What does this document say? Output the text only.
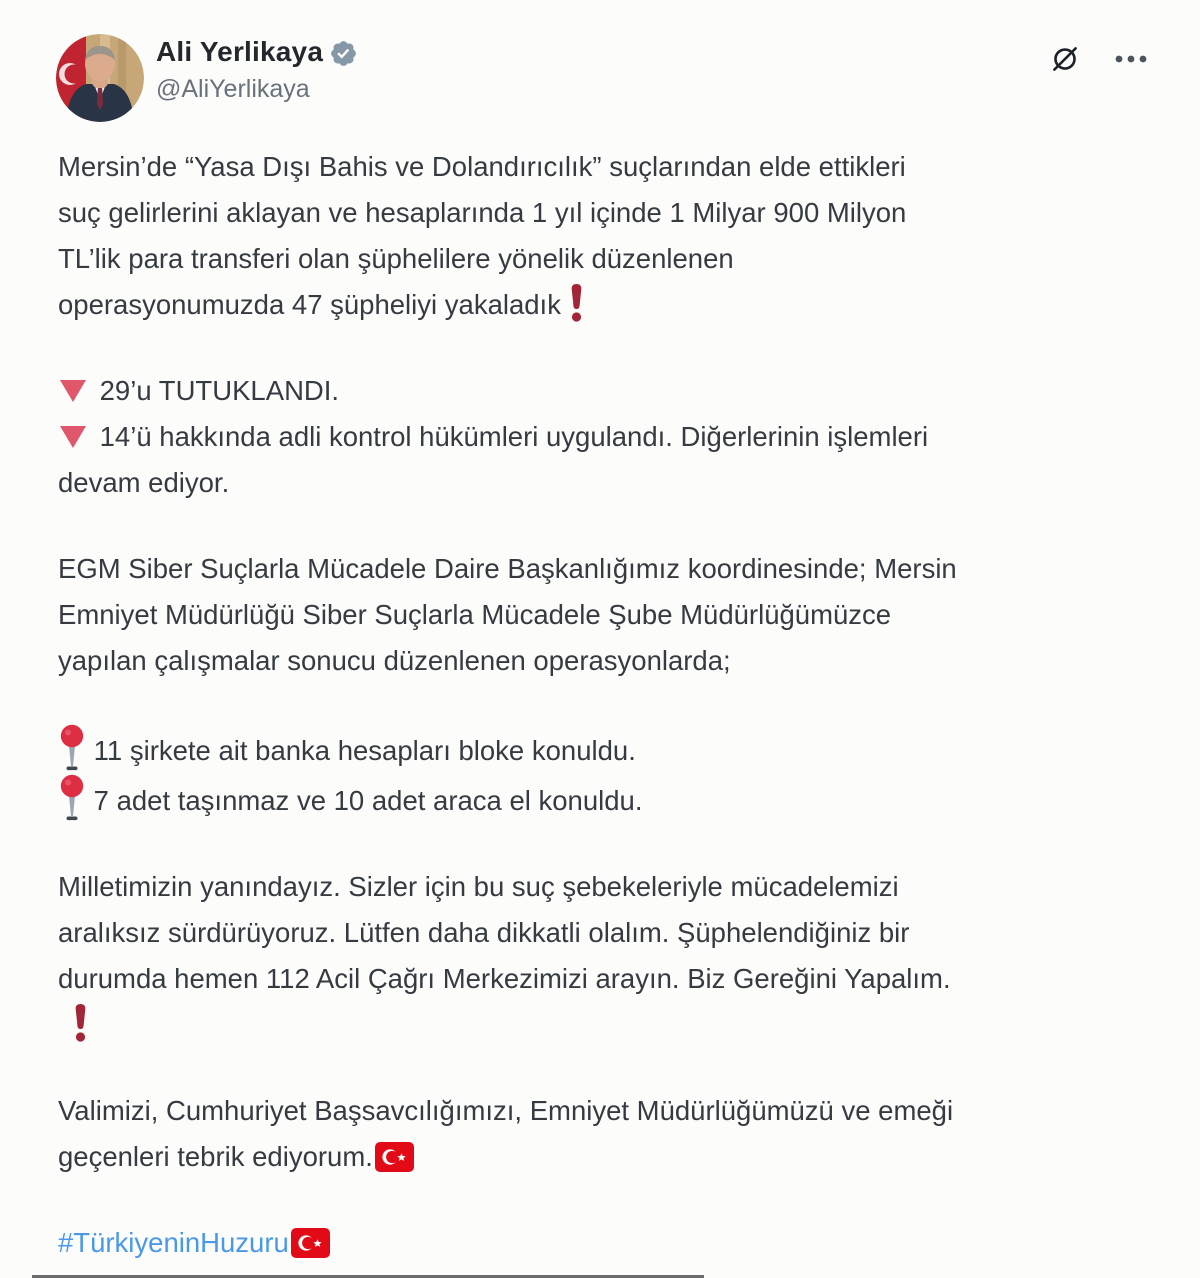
Ali Yerlikaya
@AliYerlikaya
Mersin’de “Yasa Dışı Bahis ve Dolandırıcılık” suçlarından elde ettikleri
suç gelirlerini aklayan ve hesaplarında 1 yıl içinde 1 Milyar 900 Milyon
TL’lik para transferi olan şüphelilere yönelik düzenlenen
operasyonumuzda 47 şüpheliyi yakaladık
29’u TUTUKLANDI.
14’ü hakkında adli kontrol hükümleri uygulandı. Diğerlerinin işlemleri
devam ediyor.
EGM Siber Suçlarla Mücadele Daire Başkanlığımız koordinesinde; Mersin
Emniyet Müdürlüğü Siber Suçlarla Mücadele Şube Müdürlüğümüzce
yapılan çalışmalar sonucu düzenlenen operasyonlarda;
11 şirkete ait banka hesapları bloke konuldu.
7 adet taşınmaz ve 10 adet araca el konuldu.
Milletimizin yanındayız. Sizler için bu suç şebekeleriyle mücadelemizi
aralıksız sürdürüyoruz. Lütfen daha dikkatli olalım. Şüphelendiğiniz bir
durumda hemen 112 Acil Çağrı Merkezimizi arayın. Biz Gereğini Yapalım.

Valimizi, Cumhuriyet Başsavcılığımızı, Emniyet Müdürlüğümüzü ve emeği
geçenleri tebrik ediyorum.
#TürkiyeninHuzuru
